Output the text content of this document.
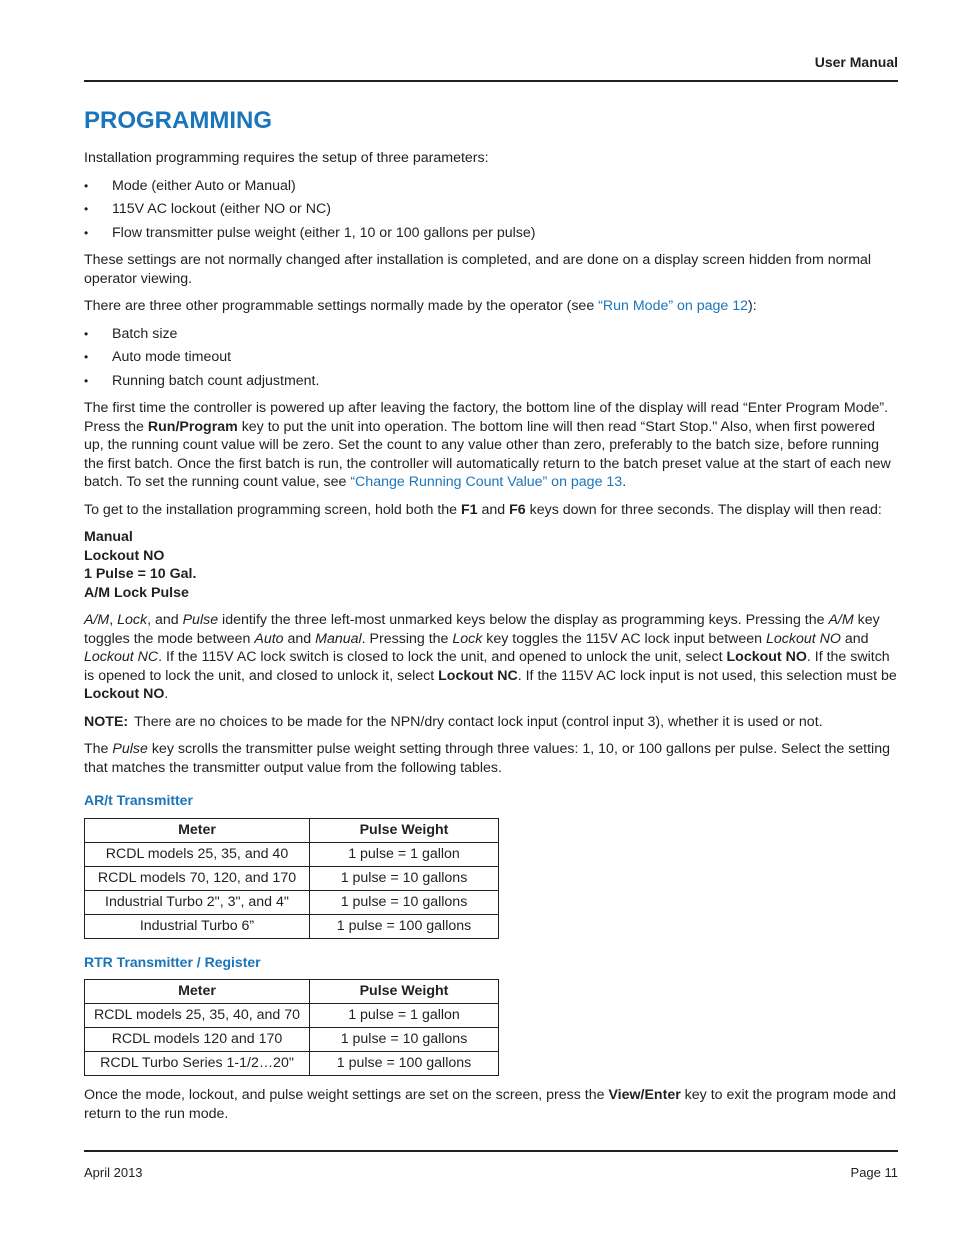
User Manual
PROGRAMMING

Installation programming requires the setup of three parameters:

• Mode (either Auto or Manual)
• 115V AC lockout (either NO or NC)
• Flow transmitter pulse weight (either 1, 10 or 100 gallons per pulse)

These settings are not normally changed after installation is completed, and are done on a display screen hidden from normal operator viewing.

There are three other programmable settings normally made by the operator (see “Run Mode” on page 12):

• Batch size
• Auto mode timeout
• Running batch count adjustment.

The first time the controller is powered up after leaving the factory, the bottom line of the display will read “Enter Program Mode”. Press the Run/Program key to put the unit into operation. The bottom line will then read “Start Stop." Also, when first powered up, the running count value will be zero. Set the count to any value other than zero, preferably to the batch size, before running the first batch. Once the first batch is run, the controller will automatically return to the batch preset value at the start of each new batch. To set the running count value, see “Change Running Count Value” on page 13.

To get to the installation programming screen, hold both the F1 and F6 keys down for three seconds. The display will then read:

Manual
Lockout NO
1 Pulse = 10 Gal.
A/M Lock Pulse

A/M, Lock, and Pulse identify the three left-most unmarked keys below the display as programming keys. Pressing the A/M key toggles the mode between Auto and Manual. Pressing the Lock key toggles the 115V AC lock input between Lockout NO and Lockout NC. If the 115V AC lock switch is closed to lock the unit, and opened to unlock the unit, select Lockout NO. If the switch is opened to lock the unit, and closed to unlock it, select Lockout NC. If the 115V AC lock input is not used, this selection must be Lockout NO.

NOTE: There are no choices to be made for the NPN/dry contact lock input (control input 3), whether it is used or not.

The Pulse key scrolls the transmitter pulse weight setting through three values: 1, 10, or 100 gallons per pulse. Select the setting that matches the transmitter output value from the following tables.

AR/t Transmitter
Meter	Pulse Weight
RCDL models 25, 35, and 40	1 pulse = 1 gallon
RCDL models 70, 120, and 170	1 pulse = 10 gallons
Industrial Turbo 2", 3", and 4"	1 pulse = 10 gallons
Industrial Turbo 6”	1 pulse = 100 gallons
RTR Transmitter / Register
Meter	Pulse Weight
RCDL models 25, 35, 40, and 70	1 pulse = 1 gallon
RCDL models 120 and 170	1 pulse = 10 gallons
RCDL Turbo Series 1-1/2…20"	1 pulse = 100 gallons

Once the mode, lockout, and pulse weight settings are set on the screen, press the View/Enter key to exit the program mode and return to the run mode.

April 2013	Page 11
